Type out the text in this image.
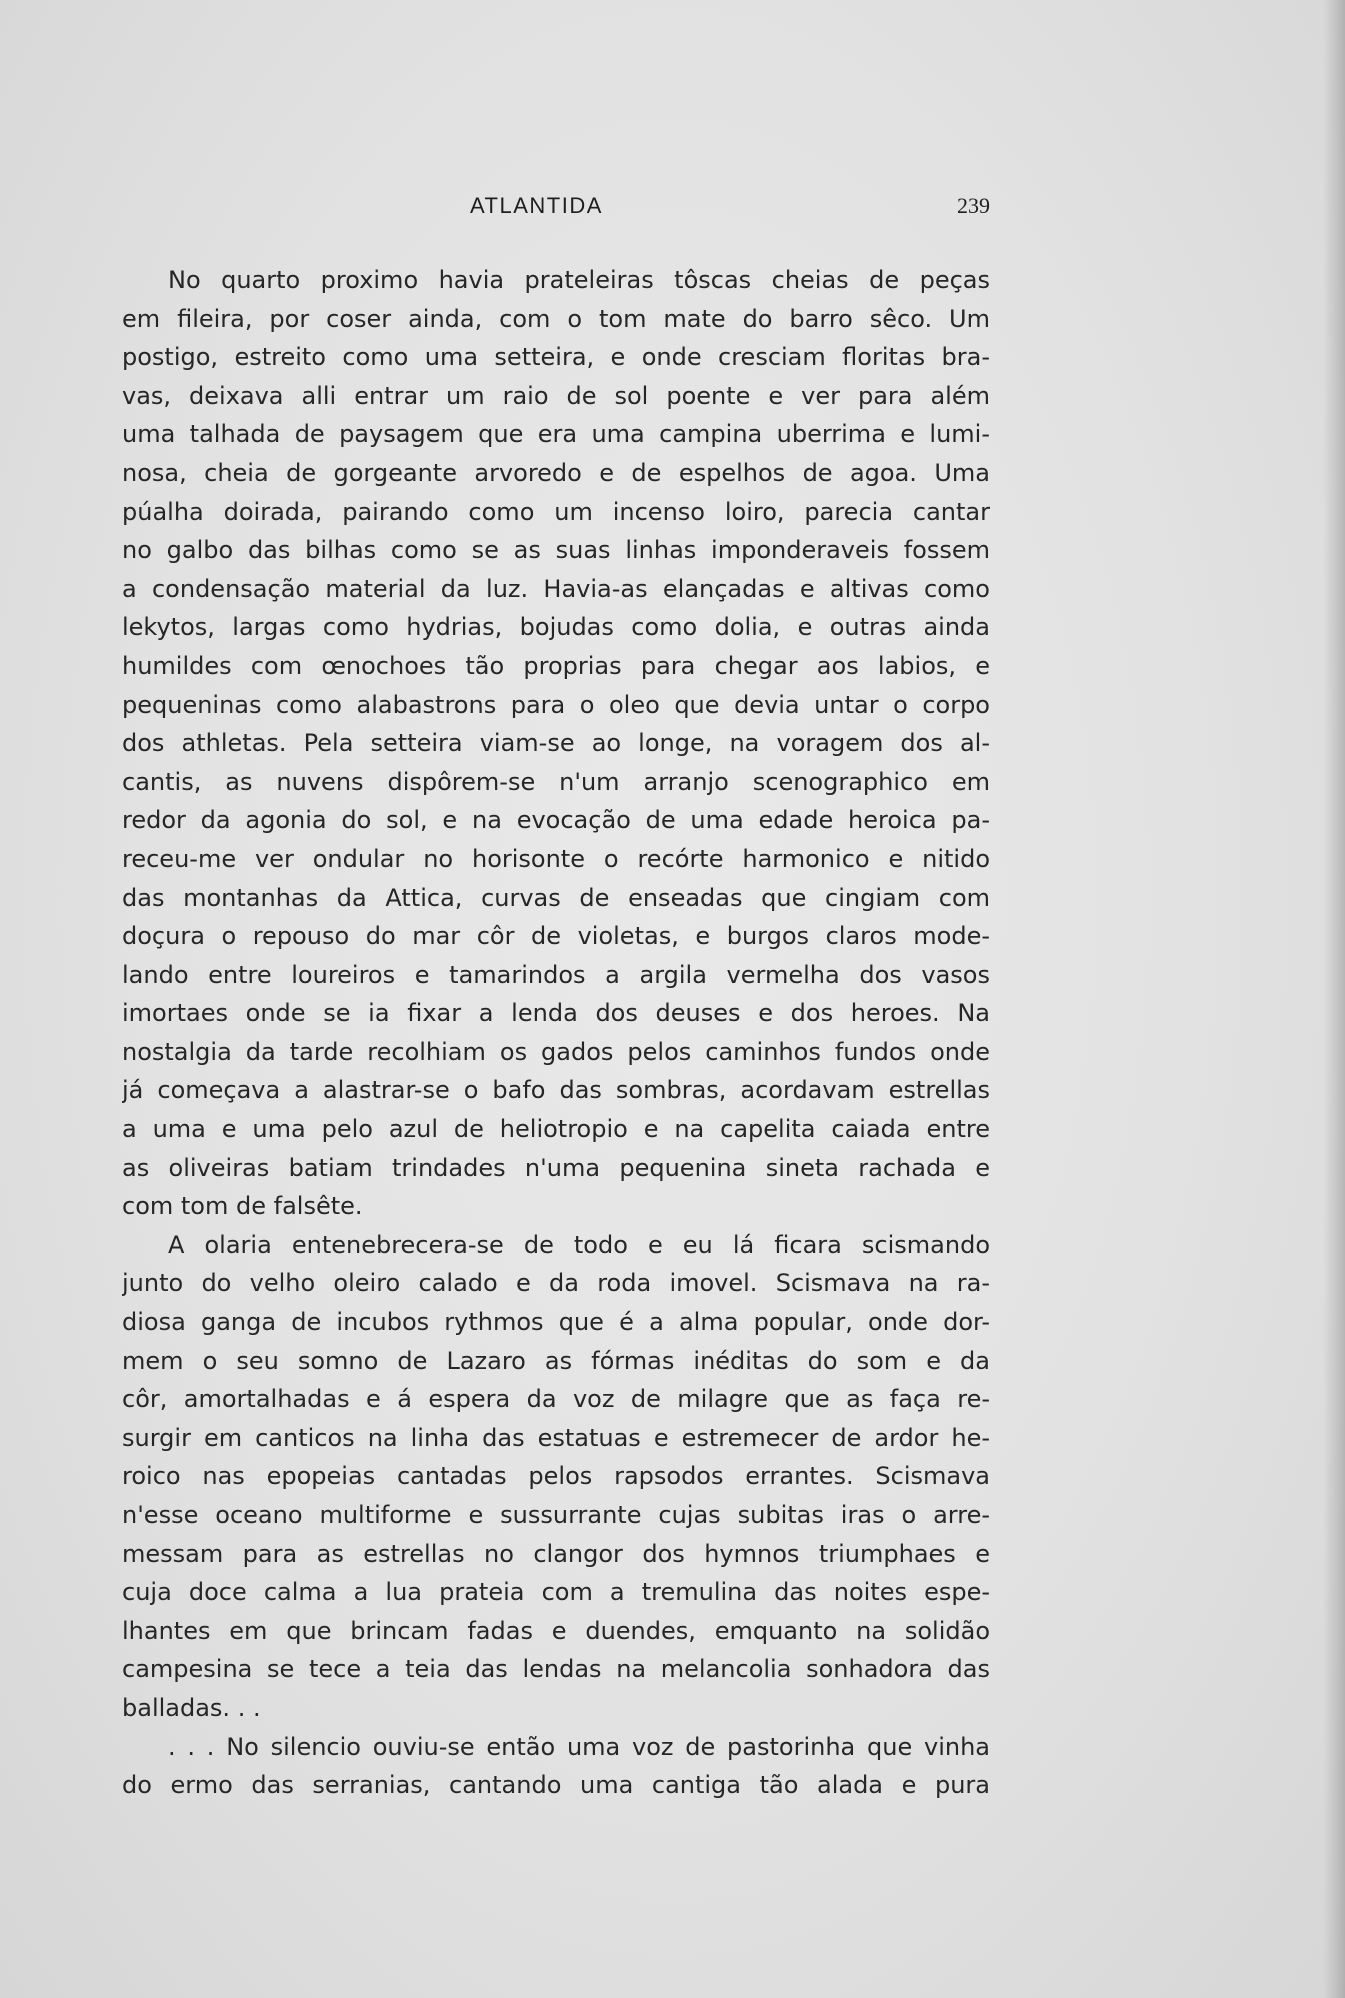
ATLANTIDA	239
No quarto proximo havia prateleiras tôscas cheias de peças
em fileira, por coser ainda, com o tom mate do barro sêco. Um
postigo, estreito como uma setteira, e onde cresciam floritas bra-
vas, deixava alli entrar um raio de sol poente e ver para além
uma talhada de paysagem que era uma campina uberrima e lumi-
nosa, cheia de gorgeante arvoredo e de espelhos de agoa. Uma
púalha doirada, pairando como um incenso loiro, parecia cantar
no galbo das bilhas como se as suas linhas imponderaveis fossem
a condensação material da luz. Havia-as elançadas e altivas como
lekytos, largas como hydrias, bojudas como dolia, e outras ainda
humildes com œnochoes tão proprias para chegar aos labios, e
pequeninas como alabastrons para o oleo que devia untar o corpo
dos athletas. Pela setteira viam-se ao longe, na voragem dos al-
cantis, as nuvens dispôrem-se n'um arranjo scenographico em
redor da agonia do sol, e na evocação de uma edade heroica pa-
receu-me ver ondular no horisonte o recórte harmonico e nitido
das montanhas da Attica, curvas de enseadas que cingiam com
doçura o repouso do mar côr de violetas, e burgos claros mode-
lando entre loureiros e tamarindos a argila vermelha dos vasos
imortaes onde se ia fixar a lenda dos deuses e dos heroes. Na
nostalgia da tarde recolhiam os gados pelos caminhos fundos onde
já começava a alastrar-se o bafo das sombras, acordavam estrellas
a uma e uma pelo azul de heliotropio e na capelita caiada entre
as oliveiras batiam trindades n'uma pequenina sineta rachada e
com tom de falsête.
A olaria entenebrecera-se de todo e eu lá ficara scismando
junto do velho oleiro calado e da roda imovel. Scismava na ra-
diosa ganga de incubos rythmos que é a alma popular, onde dor-
mem o seu somno de Lazaro as fórmas inéditas do som e da
côr, amortalhadas e á espera da voz de milagre que as faça re-
surgir em canticos na linha das estatuas e estremecer de ardor he-
roico nas epopeias cantadas pelos rapsodos errantes. Scismava
n'esse oceano multiforme e sussurrante cujas subitas iras o arre-
messam para as estrellas no clangor dos hymnos triumphaes e
cuja doce calma a lua prateia com a tremulina das noites espe-
lhantes em que brincam fadas e duendes, emquanto na solidão
campesina se tece a teia das lendas na melancolia sonhadora das
balladas. . .
. . . No silencio ouviu-se então uma voz de pastorinha que vinha
do ermo das serranias, cantando uma cantiga tão alada e pura
